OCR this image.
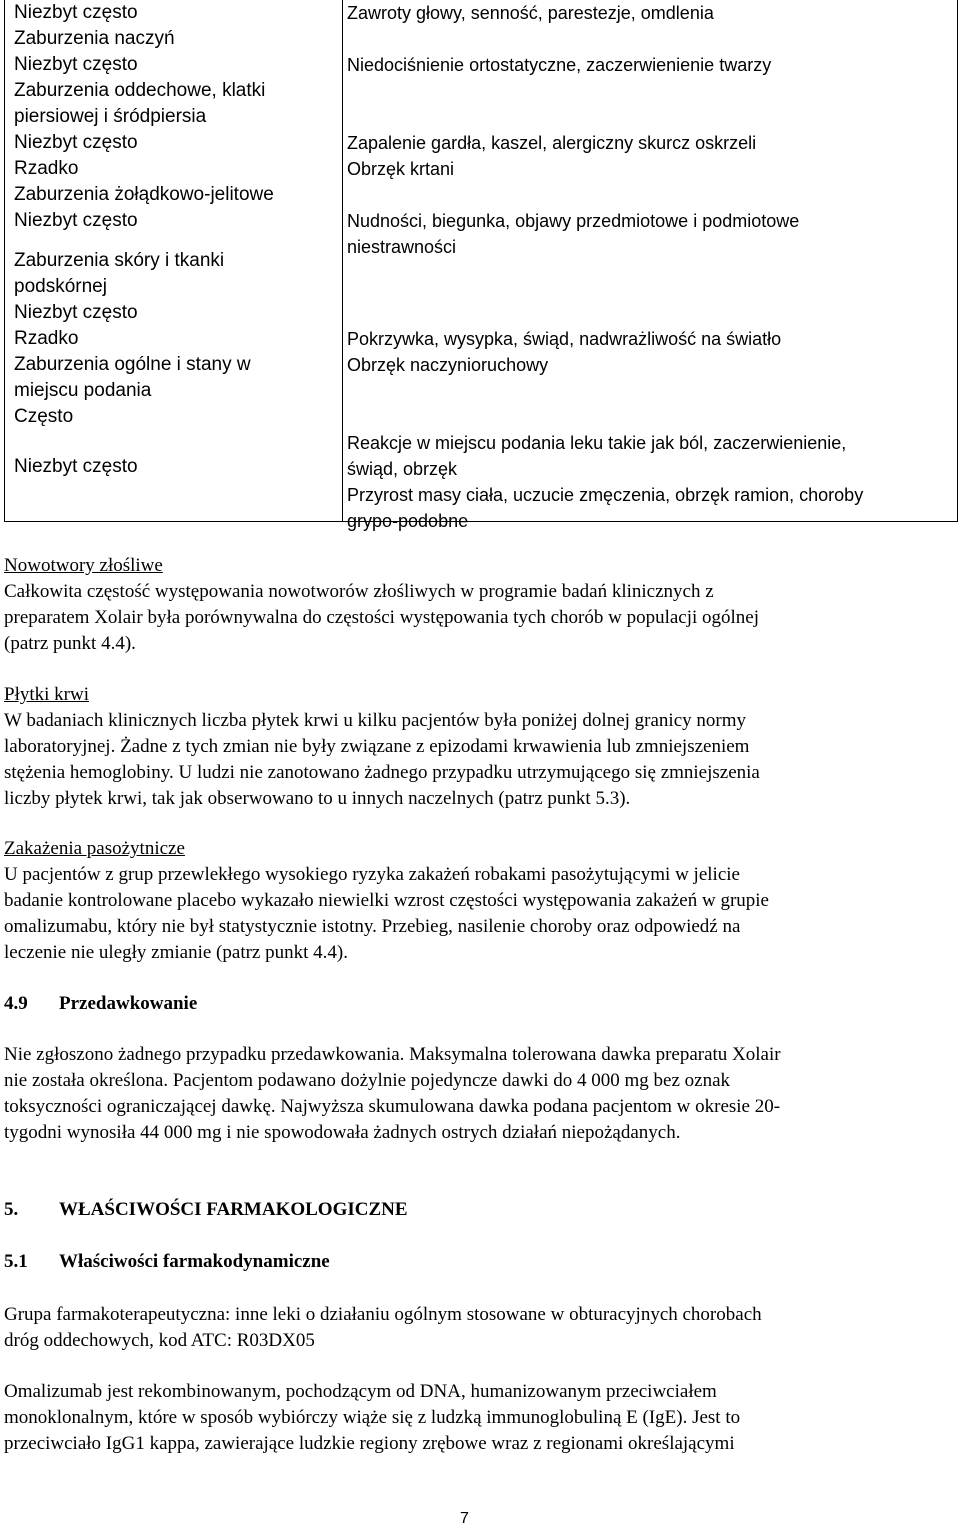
Niezbyt często
Zaburzenia naczyń
Niezbyt często
Zaburzenia oddechowe, klatki
piersiowej i śródpiersia
Niezbyt często
Rzadko
Zaburzenia żołądkowo-jelitowe
Niezbyt często
Zaburzenia skóry i tkanki
podskórnej
Niezbyt często
Rzadko
Zaburzenia ogólne i stany w
miejscu podania
Często
Niezbyt często
Zawroty głowy, senność, parestezje, omdlenia
Niedociśnienie ortostatyczne, zaczerwienienie twarzy
Zapalenie gardła, kaszel, alergiczny skurcz oskrzeli
Obrzęk krtani
Nudności, biegunka, objawy przedmiotowe i podmiotowe
niestrawności
Pokrzywka, wysypka, świąd, nadwrażliwość na światło
Obrzęk naczynioruchowy
Reakcje w miejscu podania leku takie jak ból, zaczerwienienie,
świąd, obrzęk
Przyrost masy ciała, uczucie zmęczenia, obrzęk ramion, choroby
grypo-podobne
Nowotwory złośliwe
Całkowita częstość występowania nowotworów złośliwych w programie badań klinicznych z
preparatem Xolair była porównywalna do częstości występowania tych chorób w populacji ogólnej
(patrz punkt 4.4).
Płytki krwi
W badaniach klinicznych liczba płytek krwi u kilku pacjentów była poniżej dolnej granicy normy
laboratoryjnej. Żadne z tych zmian nie były związane z epizodami krwawienia lub zmniejszeniem
stężenia hemoglobiny. U ludzi nie zanotowano żadnego przypadku utrzymującego się zmniejszenia
liczby płytek krwi, tak jak obserwowano to u innych naczelnych (patrz punkt 5.3).
Zakażenia pasożytnicze
U pacjentów z grup przewlekłego wysokiego ryzyka zakażeń robakami pasożytującymi w jelicie
badanie kontrolowane placebo wykazało niewielki wzrost częstości występowania zakażeń w grupie
omalizumabu, który nie był statystycznie istotny. Przebieg, nasilenie choroby oraz odpowiedź na
leczenie nie uległy zmianie (patrz punkt 4.4).
4.9 Przedawkowanie
Nie zgłoszono żadnego przypadku przedawkowania. Maksymalna tolerowana dawka preparatu Xolair
nie została określona. Pacjentom podawano dożylnie pojedyncze dawki do 4 000 mg bez oznak
toksyczności ograniczającej dawkę. Najwyższa skumulowana dawka podana pacjentom w okresie 20-
tygodni wynosiła 44 000 mg i nie spowodowała żadnych ostrych działań niepożądanych.
5. WŁAŚCIWOŚCI FARMAKOLOGICZNE
5.1 Właściwości farmakodynamiczne
Grupa farmakoterapeutyczna: inne leki o działaniu ogólnym stosowane w obturacyjnych chorobach
dróg oddechowych, kod ATC: R03DX05
Omalizumab jest rekombinowanym, pochodzącym od DNA, humanizowanym przeciwciałem
monoklonalnym, które w sposób wybiórczy wiąże się z ludzką immunoglobuliną E (IgE). Jest to
przeciwciało IgG1 kappa, zawierające ludzkie regiony zrębowe wraz z regionami określającymi
7
